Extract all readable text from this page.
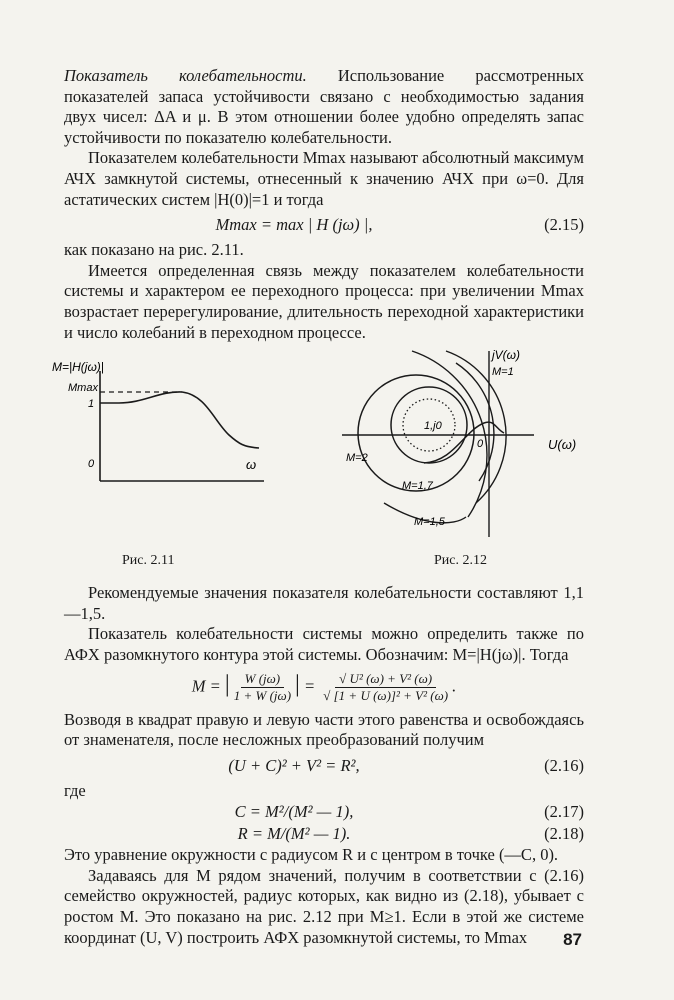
Показатель колебательности. Использование рассмотренных показателей запаса устойчивости связано с необходимостью задания двух чисел: ΔA и μ. В этом отношении более удобно определять запас устойчивости по показателю колебательности.

Показателем колебательности Mmax называют абсолютный максимум АЧХ замкнутой системы, отнесенный к значению АЧХ при ω=0. Для астатических систем |H(0)|=1 и тогда

Mmax = max | H (jω) |,	(2.15)

как показано на рис. 2.11.

Имеется определенная связь между показателем колебательности системы и характером ее переходного процесса: при увеличении Mmax возрастает перерегулирование, длительность переходной характеристики и число колебаний в переходном процессе.

M=|H(jω)|
Mmax
1
0	ω
jV(ω)
M=1
U(ω)
0
1,j0
M=2
M=1,7
M=1,5
Рис. 2.11	Рис. 2.12

Рекомендуемые значения показателя колебательности составляют 1,1—1,5.

Показатель колебательности системы можно определить также по АФХ разомкнутого контура этой системы. Обозначим: M=|H(jω)|. Тогда

M = | $\frac{W (j\omega)}{1 + W (j\omega)}$ | = $\frac{\text{√ U² (ω) + V² (ω)}}{\text{√ [1 + U (ω)]² + V² (ω)}}$ .

Возводя в квадрат правую и левую части этого равенства и освобождаясь от знаменателя, после несложных преобразований получим

(U + C)² + V² = R²,	(2.16)

где

C = M²/(M² — 1),	(2.17)
R = M/(M² — 1).	(2.18)

Это уравнение окружности с радиусом R и с центром в точке (—C, 0).

Задаваясь для M рядом значений, получим в соответствии с (2.16) семейство окружностей, радиус которых, как видно из (2.18), убывает с ростом M. Это показано на рис. 2.12 при M≥1. Если в этой же системе координат (U, V) построить АФХ разомкнутой системы, то Mmax	87
